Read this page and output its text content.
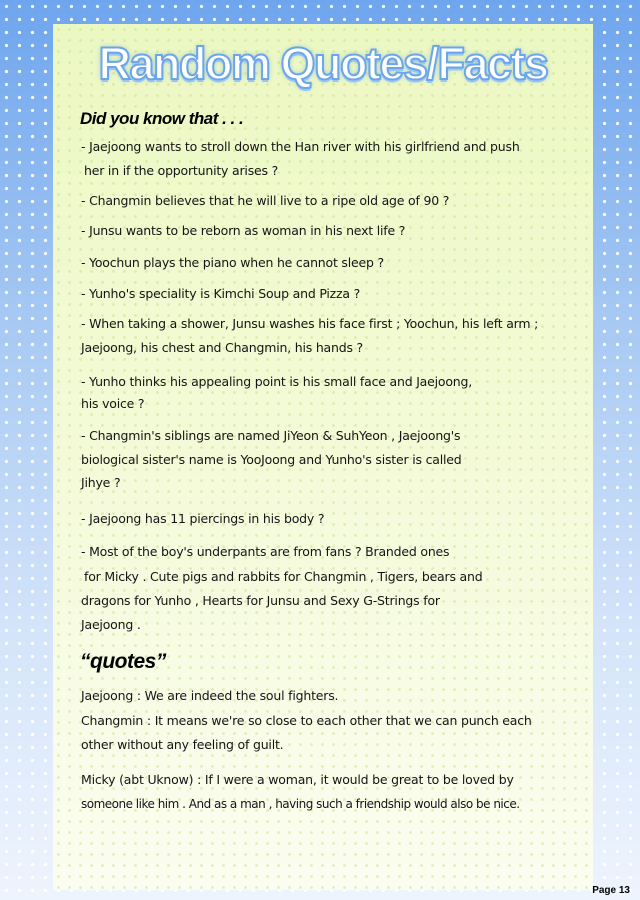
Random Quotes/Facts
Did you know that . . .
- Jaejoong wants to stroll down the Han river with his girlfriend and push
her in if the opportunity arises ?
- Changmin believes that he will live to a ripe old age of 90 ?
- Junsu wants to be reborn as woman in his next life ?
- Yoochun plays the piano when he cannot sleep ?
- Yunho's speciality is Kimchi Soup and Pizza ?
- When taking a shower, Junsu washes his face first ; Yoochun, his left arm ;
Jaejoong, his chest and Changmin, his hands ?
- Yunho thinks his appealing point is his small face and Jaejoong,
his voice ?
- Changmin's siblings are named JiYeon & SuhYeon , Jaejoong's
biological sister's name is YooJoong and Yunho's sister is called
Jihye ?
- Jaejoong has 11 piercings in his body ?
- Most of the boy's underpants are from fans ? Branded ones
for Micky . Cute pigs and rabbits for Changmin , Tigers, bears and
dragons for Yunho , Hearts for Junsu and Sexy G-Strings for
Jaejoong .
“quotes”
Jaejoong : We are indeed the soul fighters.
Changmin : It means we're so close to each other that we can punch each
other without any feeling of guilt.
Micky (abt Uknow) : If I were a woman, it would be great to be loved by
someone like him . And as a man , having such a friendship would also be nice.
Page 13
